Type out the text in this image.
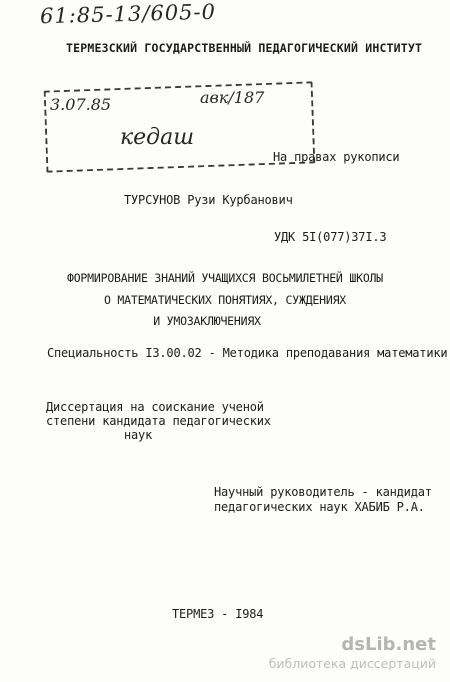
61:85-13/605-0
ТЕРМЕЗСКИЙ ГОСУДАРСТВЕННЫЙ ПЕДАГОГИЧЕСКИЙ ИНСТИТУТ
3.07.85	авк/187
кедаш
На правах рукописи
ТУРСУНОВ Рузи Курбанович
УДК 5I(077)37I.3
ФОРМИРОВАНИЕ ЗНАНИЙ УЧАЩИХСЯ ВОСЬМИЛЕТНЕЙ ШКОЛЫ
О МАТЕМАТИЧЕСКИХ ПОНЯТИЯХ, СУЖДЕНИЯХ
И УМОЗАКЛЮЧЕНИЯХ
Специальность I3.00.02 - Методика преподавания математики
Диссертация на соискание ученой
степени кандидата педагогических
наук
Научный руководитель - кандидат
педагогических наук ХАБИБ Р.А.
ТЕРМЕЗ - I984
dsLib.net
библиотека диссертаций
